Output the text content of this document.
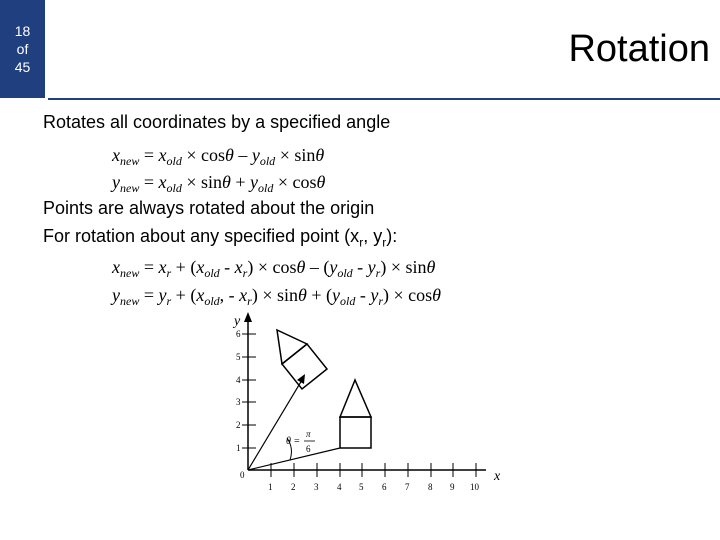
18
of
45	Rotation
Rotates all coordinates by a specified angle
$x_{new} = x_{old} \times \cos\theta - y_{old} \times \sin\theta$
$y_{new} = x_{old} \times \sin\theta + y_{old} \times \cos\theta$
Points are always rotated about the origin
For rotation about any specified point ($x_r$, $y_r$):
$x_{new} = x_r + (x_{old} - x_r) \times \cos\theta - (y_{old} - y_r) \times \sin\theta$
$y_{new} = y_r + (x_{old}$, - $x_r) \times \sin\theta + (y_{old} - y_r) \times \cos\theta$
y
x
0
1
2
3
4
5
6
1 2 3 4 5 6 7 8 9 10
θ =
π
6
